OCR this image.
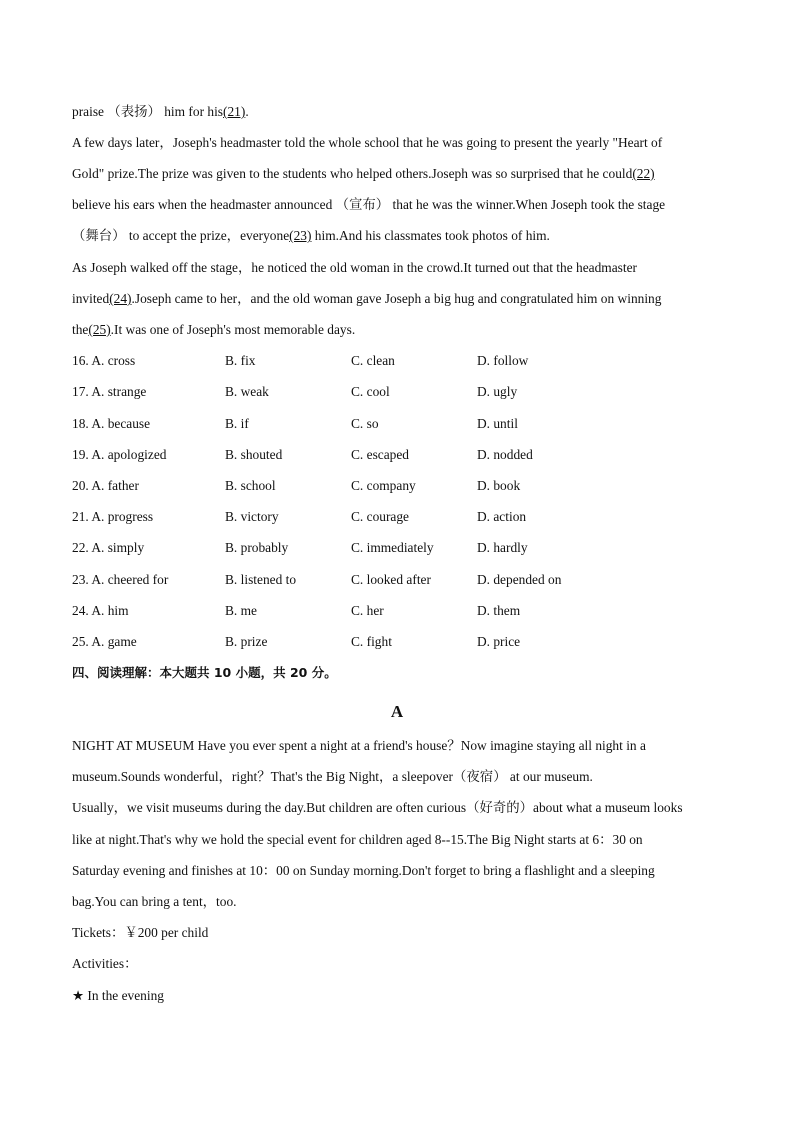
praise （表扬） him for his(21).
A few days later，Joseph's headmaster told the whole school that he was going to present the yearly "Heart of
Gold" prize.The prize was given to the students who helped others.Joseph was so surprised that he could(22)
believe his ears when the headmaster announced （宣布） that he was the winner.When Joseph took the stage
（舞台） to accept the prize，everyone(23) him.And his classmates took photos of him.
As Joseph walked off the stage，he noticed the old woman in the crowd.It turned out that the headmaster
invited(24).Joseph came to her，and the old woman gave Joseph a big hug and congratulated him on winning
the(25).It was one of Joseph's most memorable days.
16. A. cross	B. fix	C. clean	D. follow
17. A. strange	B. weak	C. cool	D. ugly
18. A. because	B. if	C. so	D. until
19. A. apologized	B. shouted	C. escaped	D. nodded
20. A. father	B. school	C. company	D. book
21. A. progress	B. victory	C. courage	D. action
22. A. simply	B. probably	C. immediately	D. hardly
23. A. cheered for	B. listened to	C. looked after	D. depended on
24. A. him	B. me	C. her	D. them
25. A. game	B. prize	C. fight	D. price
四、阅读理解：本大题共 10 小题，共 20 分。
A
NIGHT AT MUSEUM Have you ever spent a night at a friend's house？Now imagine staying all night in a
museum.Sounds wonderful，right？That's the Big Night，a sleepover（夜宿） at our museum.
Usually，we visit museums during the day.But children are often curious（好奇的）about what a museum looks
like at night.That's why we hold the special event for children aged 8--15.The Big Night starts at 6：30 on
Saturday evening and finishes at 10：00 on Sunday morning.Don't forget to bring a flashlight and a sleeping
bag.You can bring a tent，too.
Tickets：￥200 per child
Activities：
★ In the evening
